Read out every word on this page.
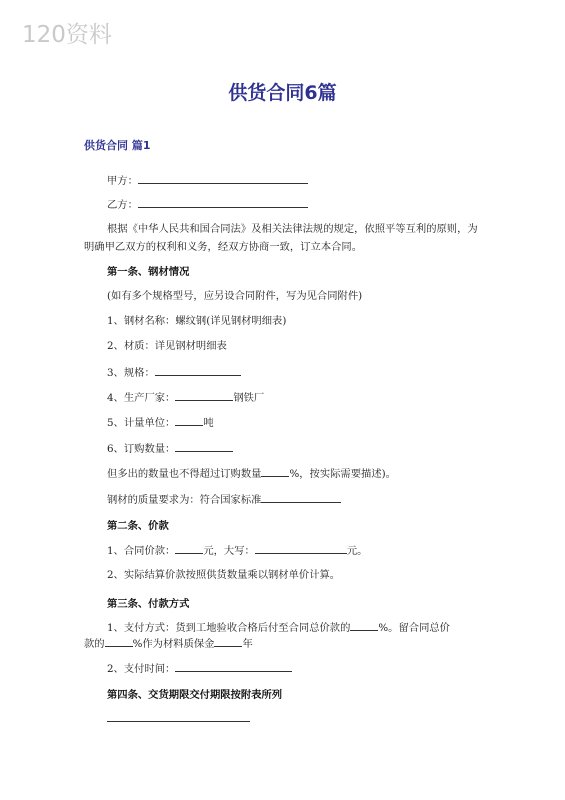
120资料
供货合同6篇
供货合同 篇1
甲方：
乙方：
根据《中华人民共和国合同法》及相关法律法规的规定，依照平等互利的原则，为明确甲乙双方的权利和义务，经双方协商一致，订立本合同。
第一条、钢材情况
(如有多个规格型号，应另设合同附件，写为见合同附件)
1、钢材名称：螺纹钢(详见钢材明细表)
2、材质：详见钢材明细表
3、规格：
4、生产厂家：	钢铁厂
5、计量单位：	吨
6、订购数量：
但多出的数量也不得超过订购数量	%，按实际需要描述)。
钢材的质量要求为：符合国家标准
第二条、价款
1、合同价款：	元，大写：	元。
2、实际结算价款按照供货数量乘以钢材单价计算。
第三条、付款方式
1、支付方式：货到工地验收合格后付至合同总价款的	%。留合同总价
款的	%作为材料质保金	年
2、支付时间：
第四条、交货期限交付期限按附表所列
